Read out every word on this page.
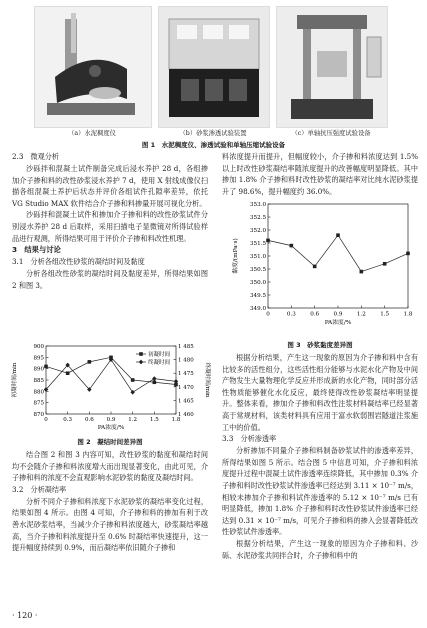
（a）水泥稠度仪	（b）砂浆渗透试验装置	（c）单轴抗压强度试验设备
图 1　水泥稠度仪、渗透试验和单轴压缩试验设备
2.3　微观分析

沙砾拌和混凝土试件制备完成后浸水养护 28 d，各组掺加介子掺和料的改性砂浆浸水养护 7 d，使用 X 射线成像仪扫描各组混凝土养护后状态并评价各组试件孔隙率差异，依托 VG Studio MAX 软件结合介子掺和料掺量开展可视化分析。

沙砾拌和混凝土试件和掺加介子掺和料的改性砂浆试件分别浸水养护 28 d 后取样，采用扫描电子显微镜对所得试验样品进行观测，所得结果可用于评价介子掺和料改性机理。

3　结果与讨论
3.1　分析各组改性砂浆的凝结时间及黏度

分析各组改性砂浆的凝结时间及黏度差异，所得结果如图 2 和图 3。

870
875
880
885
890
895
900
1 460
1 465
1 470
1 475
1 480
1 485
0	0.3 0.6 0.9 1.2 1.5 1.8
PA浓度/%
初凝时间/min	终凝时间/min
初凝时间
终凝时间
图 2　凝结时间差异图

结合图 2 和图 3 内容可知，改性砂浆的黏度和凝结时间均不会随介子掺和料浓度增大而出现显著变化，由此可见，介子掺和料的浓度不会直观影响水泥砂浆的黏度及凝结时间。

3.2　分析凝结率

分析不同介子掺和料浓度下水泥砂浆的凝结率变化过程，结果如图 4 所示。由图 4 可知，介子掺和料的掺加有利于改善水泥砂浆结率，当减少介子掺和料浓度越大，砂浆凝结率越高，当介子掺和料浓度提升至 0.6% 时凝结率快速提升，这一提升幅度持续到 0.9%，而后凝结率依旧随介子掺和

料浓度提升而提升，但幅度较小，介子掺和料浓度达到 1.5% 以上时改性砂浆凝结率随浓度提升的改善幅度明显降低。其中掺加 1.8% 介子掺和料时改性砂浆的凝结率对比纯水泥砂浆提升了 98.6%，提升幅度约 36.0%。

349.0
349.5
350.0
350.5
351.0
351.5
352.0
352.5
353.0
0	0.3	0.6	0.9	1.2	1.5	1.8
PA浓度/%
黏度/(mPa·s)
图 3　砂浆黏度差异图

根据分析结果，产生这一现象的原因为介子掺和料中含有比较多的活性组分，这些活性组分能够与水泥水化产物及中间产物发生大量物理化学反应并形成新的水化产物，同时部分活性物质能够催化水化反应，最终使得改性砂浆凝结率明显提升。整体来看，掺加介子掺和料改性注浆材料凝结率已经显著高于常规材料，该类材料具有应用于富水软弱围岩隧道注浆施工中的价值。

3.3　分析渗透率

分析掺加不同量介子掺和料制备砂浆试件的渗透率差异，所得结果如图 5 所示。结合图 5 中信息可知，介子掺和料浓度提升过程中混凝土试件渗透率连续降低，其中掺加 0.3% 介子掺和料时改性砂浆试件渗透率已经达到 3.11 × 10⁻⁷ m/s，相较未掺加介子掺和料试件渗透率的 5.12 × 10⁻⁷ m/s 已有明显降低，掺加 1.8% 介子掺和料时改性砂浆试件渗透率已经达到 0.31 × 10⁻⁷ m/s，可见介子掺和料的掺入会显著降低改性砂浆试件渗透率。

根据分析结果，产生这一现象的原因为介子掺和料、沙砾、水泥砂浆共同拌合时，介子掺和料中的

· 120 ·
